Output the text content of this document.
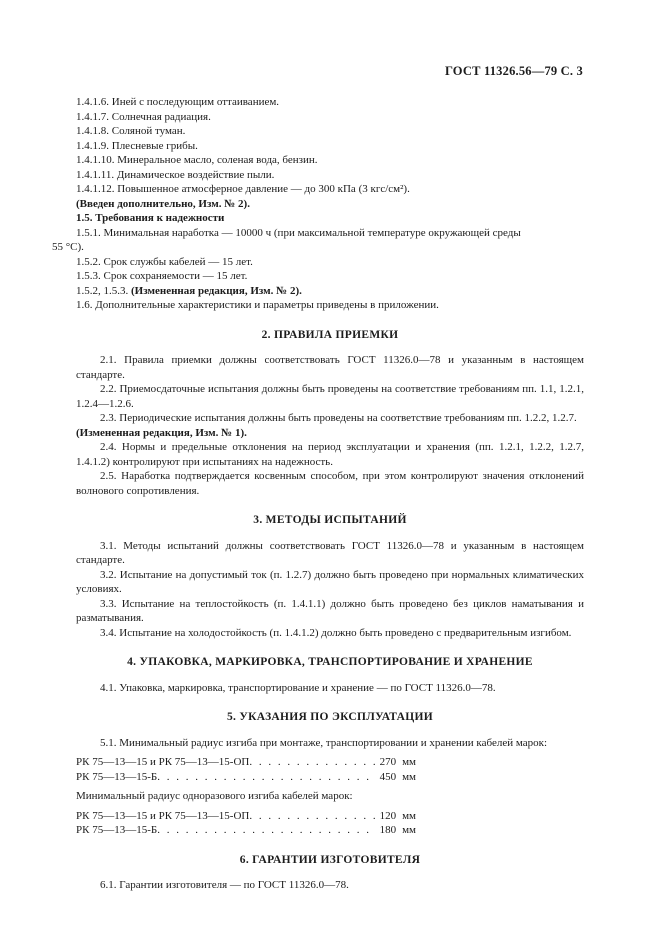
ГОСТ 11326.56—79 С. 3
1.4.1.6. Иней с последующим оттаиванием.
1.4.1.7. Солнечная радиация.
1.4.1.8. Соляной туман.
1.4.1.9. Плесневые грибы.
1.4.1.10. Минеральное масло, соленая вода, бензин.
1.4.1.11. Динамическое воздействие пыли.
1.4.1.12. Повышенное атмосферное давление — до 300 кПа (3 кгс/см²).
(Введен дополнительно, Изм. № 2).
1.5. Требования к надежности
1.5.1. Минимальная наработка — 10000 ч (при максимальной температуре окружающей среды
55 °С).
1.5.2. Срок службы кабелей — 15 лет.
1.5.3. Срок сохраняемости — 15 лет.
1.5.2, 1.5.3. (Измененная редакция, Изм. № 2).
1.6. Дополнительные характеристики и параметры приведены в приложении.
2. ПРАВИЛА ПРИЕМКИ

2.1. Правила приемки должны соответствовать ГОСТ 11326.0—78 и указанным в настоящем стандарте.

2.2. Приемосдаточные испытания должны быть проведены на соответствие требованиям пп. 1.1, 1.2.1, 1.2.4—1.2.6.

2.3. Периодические испытания должны быть проведены на соответствие требованиям пп. 1.2.2, 1.2.7.

(Измененная редакция, Изм. № 1).

2.4. Нормы и предельные отклонения на период эксплуатации и хранения (пп. 1.2.1, 1.2.2, 1.2.7, 1.4.1.2) контролируют при испытаниях на надежность.

2.5. Наработка подтверждается косвенным способом, при этом контролируют значения отклонений волнового сопротивления.

3. МЕТОДЫ ИСПЫТАНИЙ

3.1. Методы испытаний должны соответствовать ГОСТ 11326.0—78 и указанным в настоящем стандарте.

3.2. Испытание на допустимый ток (п. 1.2.7) должно быть проведено при нормальных климатических условиях.

3.3. Испытание на теплостойкость (п. 1.4.1.1) должно быть проведено без циклов наматывания и разматывания.

3.4. Испытание на холодостойкость (п. 1.4.1.2) должно быть проведено с предварительным изгибом.

4. УПАКОВКА, МАРКИРОВКА, ТРАНСПОРТИРОВАНИЕ И ХРАНЕНИЕ

4.1. Упаковка, маркировка, транспортирование и хранение — по ГОСТ 11326.0—78.

5. УКАЗАНИЯ ПО ЭКСПЛУАТАЦИИ

5.1. Минимальный радиус изгиба при монтаже, транспортировании и хранении кабелей марок:

РК 75—13—15 и РК 75—13—15-ОП . . .	270 мм
РК 75—13—15-Б . . .	450 мм
Минимальный радиус одноразового изгиба кабелей марок:
РК 75—13—15 и РК 75—13—15-ОП . . .	120 мм
РК 75—13—15-Б . . .	180 мм
6. ГАРАНТИИ ИЗГОТОВИТЕЛЯ

6.1. Гарантии изготовителя — по ГОСТ 11326.0—78.
